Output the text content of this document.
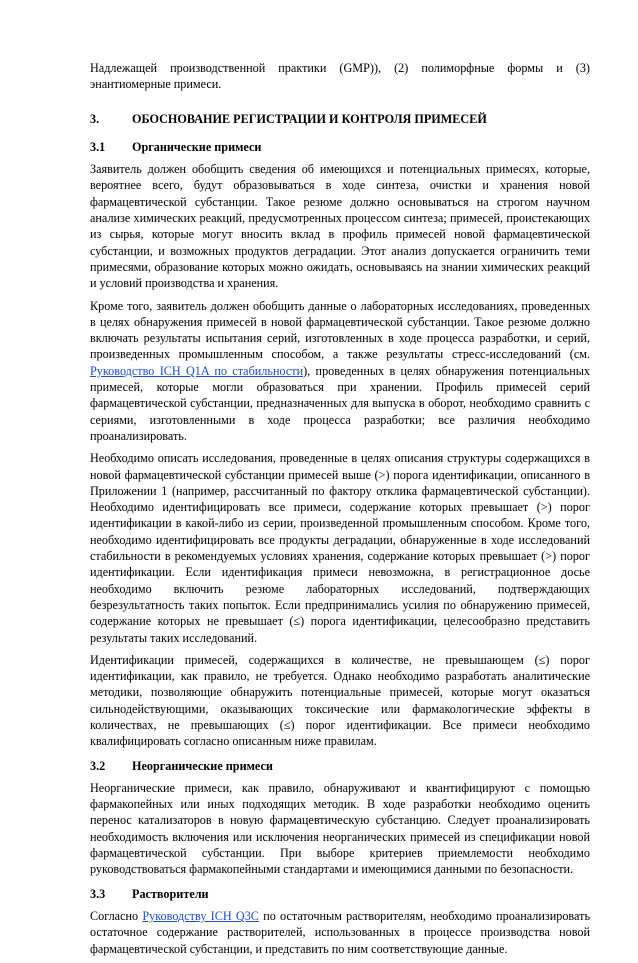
Надлежащей производственной практики (GMP)), (2) полиморфные формы и (3) энантиомерные примеси.

3.	ОБОСНОВАНИЕ РЕГИСТРАЦИИ И КОНТРОЛЯ ПРИМЕСЕЙ
3.1	Органические примеси

Заявитель должен обобщить сведения об имеющихся и потенциальных примесях, которые, вероятнее всего, будут образовываться в ходе синтеза, очистки и хранения новой фармацевтической субстанции. Такое резюме должно основываться на строгом научном анализе химических реакций, предусмотренных процессом синтеза; примесей, проистекающих из сырья, которые могут вносить вклад в профиль примесей новой фармацевтической субстанции, и возможных продуктов деградации. Этот анализ допускается ограничить теми примесями, образование которых можно ожидать, основываясь на знании химических реакций и условий производства и хранения.

Кроме того, заявитель должен обобщить данные о лабораторных исследованиях, проведенных в целях обнаружения примесей в новой фармацевтической субстанции. Такое резюме должно включать результаты испытания серий, изготовленных в ходе процесса разработки, и серий, произведенных промышленным способом, а также результаты стресс-исследований (см. Руководство ICH Q1A по стабильности), проведенных в целях обнаружения потенциальных примесей, которые могли образоваться при хранении. Профиль примесей серий фармацевтической субстанции, предназначенных для выпуска в оборот, необходимо сравнить с сериями, изготовленными в ходе процесса разработки; все различия необходимо проанализировать.

Необходимо описать исследования, проведенные в целях описания структуры содержащихся в новой фармацевтической субстанции примесей выше (>) порога идентификации, описанного в Приложении 1 (например, рассчитанный по фактору отклика фармацевтической субстанции). Необходимо идентифицировать все примеси, содержание которых превышает (>) порог идентификации в какой-либо из серии, произведенной промышленным способом. Кроме того, необходимо идентифицировать все продукты деградации, обнаруженные в ходе исследований стабильности в рекомендуемых условиях хранения, содержание которых превышает (>) порог идентификации. Если идентификация примеси невозможна, в регистрационное досье необходимо включить резюме лабораторных исследований, подтверждающих безрезультатность таких попыток. Если предпринимались усилия по обнаружению примесей, содержание которых не превышает (≤) порога идентификации, целесообразно представить результаты таких исследований.

Идентификации примесей, содержащихся в количестве, не превышающем (≤) порог идентификации, как правило, не требуется. Однако необходимо разработать аналитические методики, позволяющие обнаружить потенциальные примесей, которые могут оказаться сильнодействующими, оказывающих токсические или фармакологические эффекты в количествах, не превышающих (≤) порог идентификации. Все примеси необходимо квалифицировать согласно описанным ниже правилам.

3.2	Неорганические примеси

Неорганические примеси, как правило, обнаруживают и квантифицируют с помощью фармакопейных или иных подходящих методик. В ходе разработки необходимо оценить перенос катализаторов в новую фармацевтическую субстанцию. Следует проанализировать необходимость включения или исключения неорганических примесей из спецификации новой фармацевтической субстанции. При выборе критериев приемлемости необходимо руководствоваться фармакопейными стандартами и имеющимися данными по безопасности.

3.3	Растворители

Согласно Руководству ICH Q3C по остаточным растворителям, необходимо проанализировать остаточное содержание растворителей, использованных в процессе производства новой фармацевтической субстанции, и представить по ним соответствующие данные.
